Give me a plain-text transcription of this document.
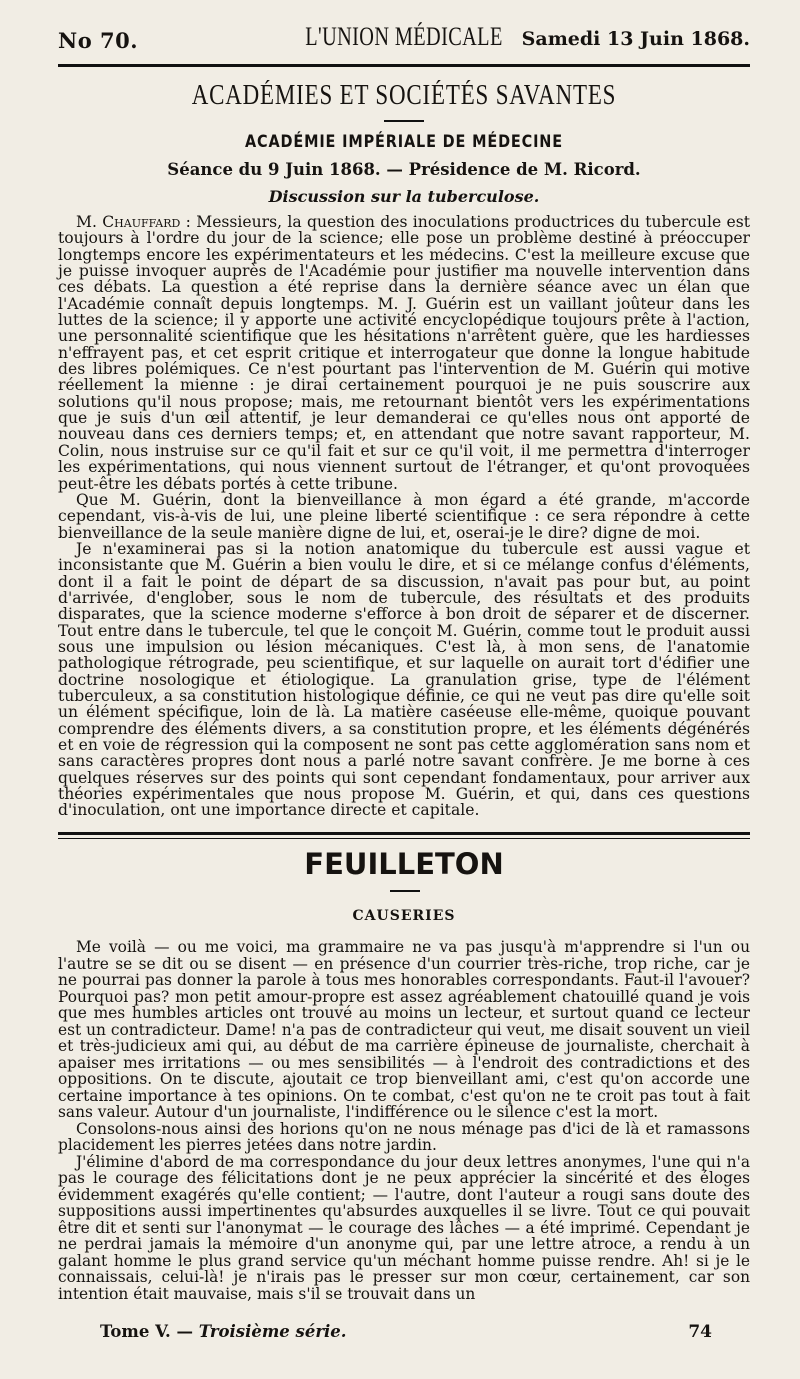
No 70.	L'UNION MÉDICALE Samedi 13 Juin 1868.
ACADÉMIES ET SOCIÉTÉS SAVANTES
ACADÉMIE IMPÉRIALE DE MÉDECINE
Séance du 9 Juin 1868. — Présidence de M. Ricord.
Discussion sur la tuberculose.

M. Chauffard : Messieurs, la question des inoculations productrices du tubercule est toujours à l'ordre du jour de la science; elle pose un problème destiné à préoccuper longtemps encore les expérimentateurs et les médecins. C'est la meilleure excuse que je puisse invoquer auprès de l'Académie pour justifier ma nouvelle intervention dans ces débats. La question a été reprise dans la dernière séance avec un élan que l'Académie connaît depuis longtemps. M. J. Guérin est un vaillant joûteur dans les luttes de la science; il y apporte une activité encyclopédique toujours prête à l'action, une personnalité scientifique que les hésitations n'arrêtent guère, que les hardiesses n'effrayent pas, et cet esprit critique et interrogateur que donne la longue habitude des libres polémiques. Ce n'est pourtant pas l'intervention de M. Guérin qui motive réellement la mienne : je dirai certainement pourquoi je ne puis souscrire aux solutions qu'il nous propose; mais, me retournant bientôt vers les expérimentations que je suis d'un œil attentif, je leur demanderai ce qu'elles nous ont apporté de nouveau dans ces derniers temps; et, en attendant que notre savant rapporteur, M. Colin, nous instruise sur ce qu'il fait et sur ce qu'il voit, il me permettra d'interroger les expérimentations, qui nous viennent surtout de l'étranger, et qu'ont provoquées peut-être les débats portés à cette tribune.

Que M. Guérin, dont la bienveillance à mon égard a été grande, m'accorde cependant, vis-à-vis de lui, une pleine liberté scientifique : ce sera répondre à cette bienveillance de la seule manière digne de lui, et, oserai-je le dire? digne de moi.

Je n'examinerai pas si la notion anatomique du tubercule est aussi vague et inconsistante que M. Guérin a bien voulu le dire, et si ce mélange confus d'éléments, dont il a fait le point de départ de sa discussion, n'avait pas pour but, au point d'arrivée, d'englober, sous le nom de tubercule, des résultats et des produits disparates, que la science moderne s'efforce à bon droit de séparer et de discerner. Tout entre dans le tubercule, tel que le conçoit M. Guérin, comme tout le produit aussi sous une impulsion ou lésion mécaniques. C'est là, à mon sens, de l'anatomie pathologique rétrograde, peu scientifique, et sur laquelle on aurait tort d'édifier une doctrine nosologique et étiologique. La granulation grise, type de l'élément tuberculeux, a sa constitution histologique définie, ce qui ne veut pas dire qu'elle soit un élément spécifique, loin de là. La matière caséeuse elle-même, quoique pouvant comprendre des éléments divers, a sa constitution propre, et les éléments dégénérés et en voie de régression qui la composent ne sont pas cette agglomération sans nom et sans caractères propres dont nous a parlé notre savant confrère. Je me borne à ces quelques réserves sur des points qui sont cependant fondamentaux, pour arriver aux théories expérimentales que nous propose M. Guérin, et qui, dans ces questions d'inoculation, ont une importance directe et capitale.

FEUILLETON
CAUSERIES

Me voilà — ou me voici, ma grammaire ne va pas jusqu'à m'apprendre si l'un ou l'autre se se dit ou se disent — en présence d'un courrier très-riche, trop riche, car je ne pourrai pas donner la parole à tous mes honorables correspondants. Faut-il l'avouer? Pourquoi pas? mon petit amour-propre est assez agréablement chatouillé quand je vois que mes humbles articles ont trouvé au moins un lecteur, et surtout quand ce lecteur est un contradicteur. Dame! n'a pas de contradicteur qui veut, me disait souvent un vieil et très-judicieux ami qui, au début de ma carrière épineuse de journaliste, cherchait à apaiser mes irritations — ou mes sensibilités — à l'endroit des contradictions et des oppositions. On te discute, ajoutait ce trop bienveillant ami, c'est qu'on accorde une certaine importance à tes opinions. On te combat, c'est qu'on ne te croit pas tout à fait sans valeur. Autour d'un journaliste, l'indifférence ou le silence c'est la mort.

Consolons-nous ainsi des horions qu'on ne nous ménage pas d'ici de là et ramassons placidement les pierres jetées dans notre jardin.

J'élimine d'abord de ma correspondance du jour deux lettres anonymes, l'une qui n'a pas le courage des félicitations dont je ne peux apprécier la sincérité et des éloges évidemment exagérés qu'elle contient; — l'autre, dont l'auteur a rougi sans doute des suppositions aussi impertinentes qu'absurdes auxquelles il se livre. Tout ce qui pouvait être dit et senti sur l'anonymat — le courage des lâches — a été imprimé. Cependant je ne perdrai jamais la mémoire d'un anonyme qui, par une lettre atroce, a rendu à un galant homme le plus grand service qu'un méchant homme puisse rendre. Ah! si je le connaissais, celui-là! je n'irais pas le presser sur mon cœur, certainement, car son intention était mauvaise, mais s'il se trouvait dans un

Tome V. — Troisième série.	74
